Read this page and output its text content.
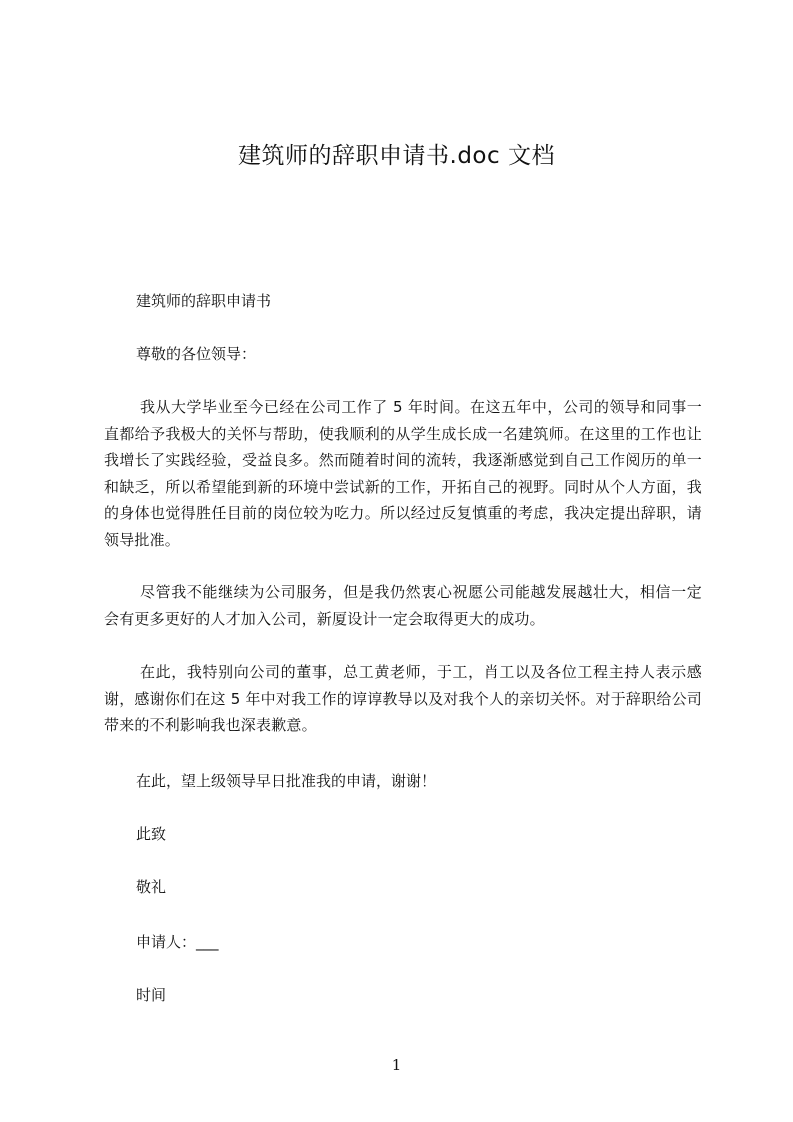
建筑师的辞职申请书.doc 文档

建筑师的辞职申请书

尊敬的各位领导：

我从大学毕业至今已经在公司工作了 5 年时间。在这五年中，公司的领导和同事一直都给予我极大的关怀与帮助，使我顺利的从学生成长成一名建筑师。在这里的工作也让我增长了实践经验，受益良多。然而随着时间的流转，我逐渐感觉到自己工作阅历的单一和缺乏，所以希望能到新的环境中尝试新的工作，开拓自己的视野。同时从个人方面，我的身体也觉得胜任目前的岗位较为吃力。所以经过反复慎重的考虑，我决定提出辞职，请领导批准。

尽管我不能继续为公司服务，但是我仍然衷心祝愿公司能越发展越壮大，相信一定会有更多更好的人才加入公司，新厦设计一定会取得更大的成功。

在此，我特别向公司的董事，总工黄老师，于工，肖工以及各位工程主持人表示感谢，感谢你们在这 5 年中对我工作的谆谆教导以及对我个人的亲切关怀。对于辞职给公司带来的不利影响我也深表歉意。

在此，望上级领导早日批准我的申请，谢谢！

此致

敬礼

申请人：___

时间

1
